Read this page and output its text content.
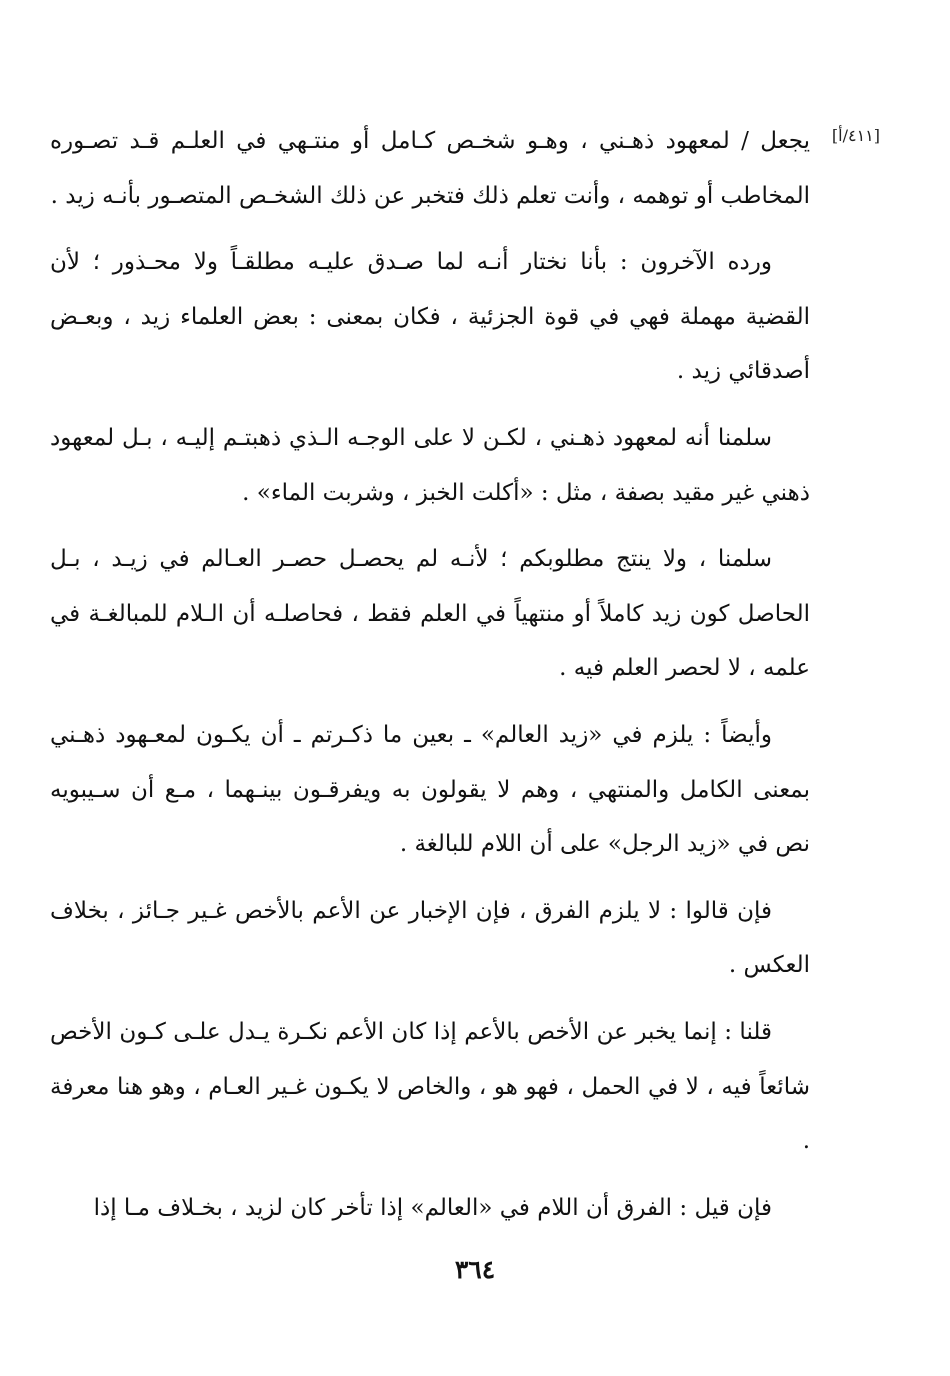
[٤١١/أ]

يجعل / لمعهود ذهـني ، وهـو شخـص كـامل أو منتـهي في العلـم قـد تصـوره المخاطب أو توهمه ، وأنت تعلم ذلك فتخبر عن ذلك الشخـص المتصـور بأنـه زيد .

ورده الآخرون : بأنا نختار أنـه لما صـدق عليـه مطلقـاً ولا محـذور ؛ لأن القضية مهملة فهي في قوة الجزئية ، فكان بمعنى : بعض العلماء زيد ، وبعـض أصدقائي زيد .

سلمنا أنه لمعهود ذهـني ، لكـن لا على الوجـه الـذي ذهبتـم إليـه ، بـل لمعهود ذهني غير مقيد بصفة ، مثل : «أكلت الخبز ، وشربت الماء» .

سلمنا ، ولا ينتج مطلوبكم ؛ لأنـه لم يحصـل حصـر العـالم في زيـد ، بـل الحاصل كون زيد كاملاً أو منتهياً في العلم فقط ، فحاصلـه أن الـلام للمبالغـة في علمه ، لا لحصر العلم فيه .

وأيضاً : يلزم في «زيد العالم» ـ بعين ما ذكـرتم ـ أن يكـون لمعـهود ذهـني بمعنى الكامل والمنتهي ، وهم لا يقولون به ويفرقـون بينـهما ، مـع أن سـيبويه نص في «زيد الرجل» على أن اللام للبالغة .

فإن قالوا : لا يلزم الفرق ، فإن الإخبار عن الأعم بالأخص غـير جـائز ، بخلاف العكس .

قلنا : إنما يخبر عن الأخص بالأعم إذا كان الأعم نكـرة يـدل علـى كـون الأخص شائعاً فيه ، لا في الحمل ، فهو هو ، والخاص لا يكـون غـير العـام ، وهو هنا معرفة .

فإن قيل : الفرق أن اللام في «العالم» إذا تأخر كان لزيد ، بخـلاف مـا إذا

٣٦٤
